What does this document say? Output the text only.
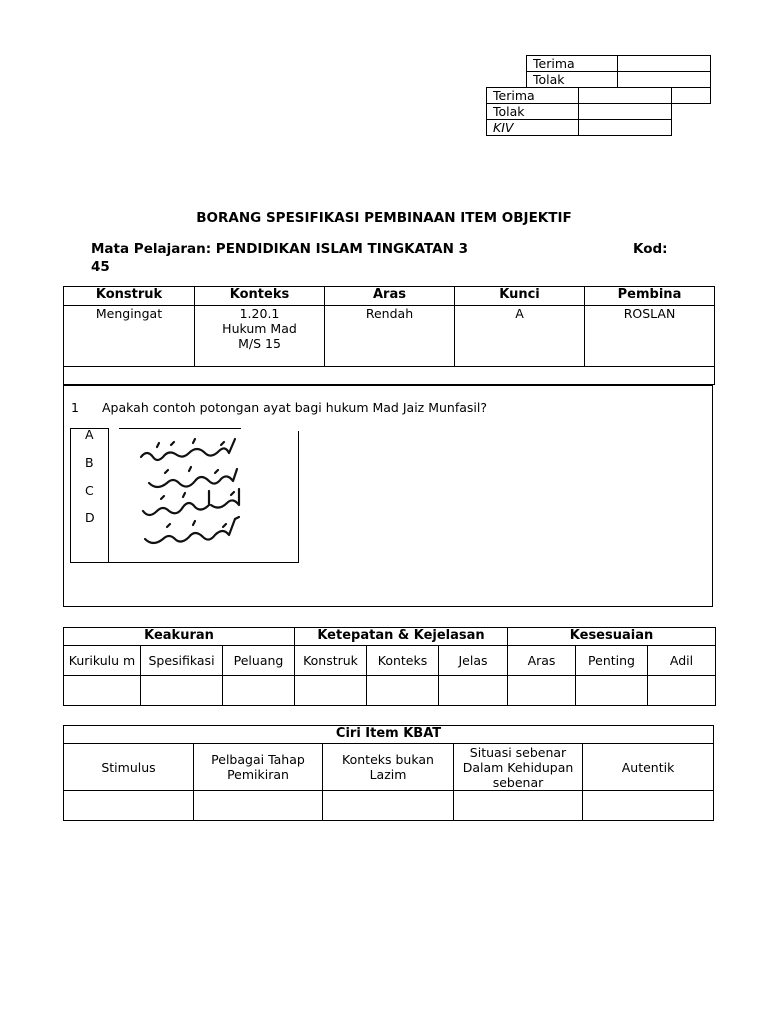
Terima	
Tolak	

Terima	
Tolak	
KIV	
BORANG SPESIFIKASI PEMBINAAN ITEM OBJEKTIF
Mata Pelajaran: PENDIDIKAN ISLAM TINGKATAN 3
45
Kod:
Konstruk	Konteks	Aras	Kunci	Pembina
Mengingat	1.20.1
Hukum Mad
M/S 15	Rendah	A	ROSLAN

1 Apakah contoh potongan ayat bagi hukum Mad Jaiz Munfasil?
A
B
C
D
Keakuran			Ketepatan & Kejelasan			Kesesuaian		
Kurikulu m	Spesifikasi	Peluang	Konstruk	Konteks	Jelas	Aras	Penting	Adil

Ciri Item KBAT				
Stimulus	Pelbagai Tahap Pemikiran	Konteks bukan Lazim	Situasi sebenar Dalam Kehidupan sebenar	Autentik
